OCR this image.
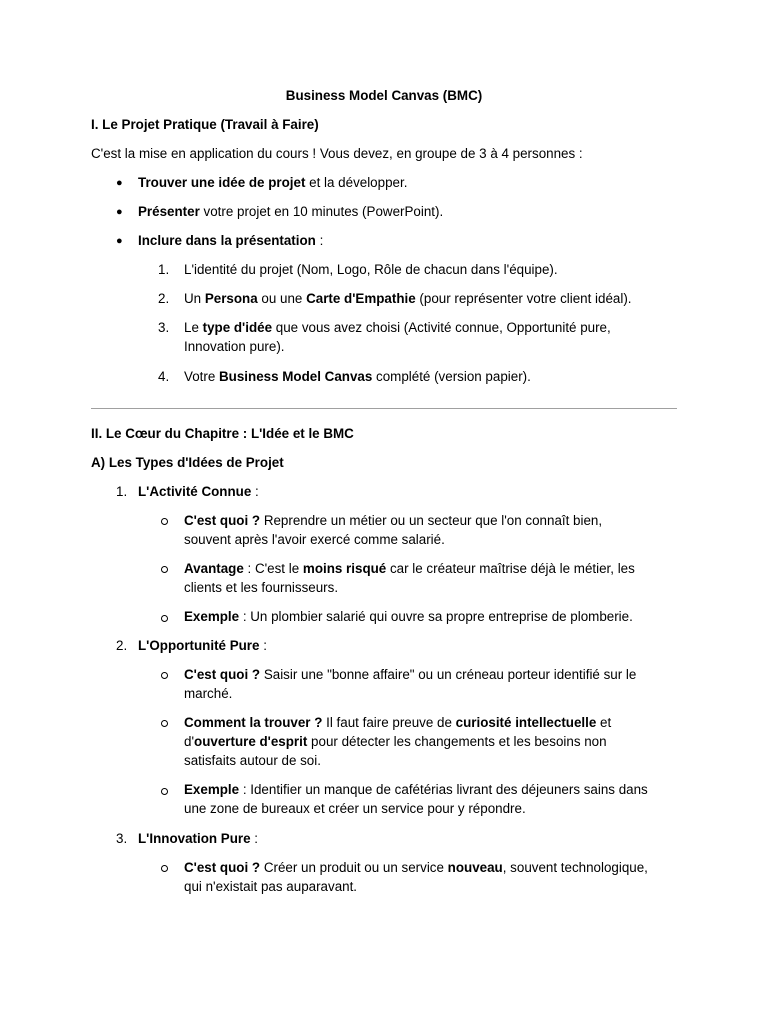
Business Model Canvas (BMC)
I. Le Projet Pratique (Travail à Faire)
C'est la mise en application du cours ! Vous devez, en groupe de 3 à 4 personnes :
● Trouver une idée de projet et la développer.
● Présenter votre projet en 10 minutes (PowerPoint).
● Inclure dans la présentation :
1. L'identité du projet (Nom, Logo, Rôle de chacun dans l'équipe).
2. Un Persona ou une Carte d'Empathie (pour représenter votre client idéal).
3. Le type d'idée que vous avez choisi (Activité connue, Opportunité pure,
Innovation pure).
4. Votre Business Model Canvas complété (version papier).
II. Le Cœur du Chapitre : L'Idée et le BMC
A) Les Types d'Idées de Projet
1. L'Activité Connue :
C'est quoi ? Reprendre un métier ou un secteur que l'on connaît bien,
souvent après l'avoir exercé comme salarié.
Avantage : C'est le moins risqué car le créateur maîtrise déjà le métier, les
clients et les fournisseurs.
Exemple : Un plombier salarié qui ouvre sa propre entreprise de plomberie.
2. L'Opportunité Pure :
C'est quoi ? Saisir une "bonne affaire" ou un créneau porteur identifié sur le
marché.
Comment la trouver ? Il faut faire preuve de curiosité intellectuelle et
d'ouverture d'esprit pour détecter les changements et les besoins non
satisfaits autour de soi.
Exemple : Identifier un manque de cafétérias livrant des déjeuners sains dans
une zone de bureaux et créer un service pour y répondre.
3. L'Innovation Pure :
C'est quoi ? Créer un produit ou un service nouveau, souvent technologique,
qui n'existait pas auparavant.
